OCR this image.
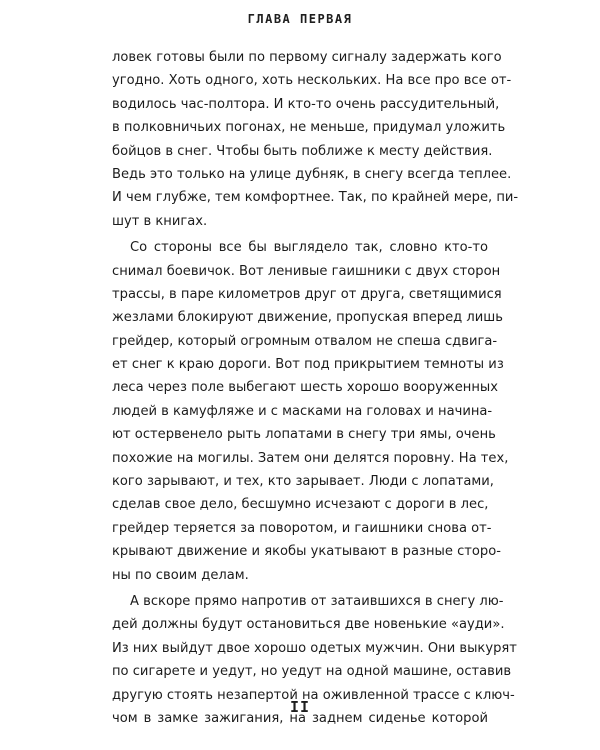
ГЛАВА ПЕРВАЯ
ловек готовы были по первому сигналу задержать кого
угодно. Хоть одного, хоть нескольких. На все про все от-
водилось час-полтора. И кто-то очень рассудительный,
в полковничьих погонах, не меньше, придумал уложить
бойцов в снег. Чтобы быть поближе к месту действия.
Ведь это только на улице дубняк, в снегу всегда теплее.
И чем глубже, тем комфортнее. Так, по крайней мере, пи-
шут в книгах.
Со стороны все бы выглядело так, словно кто-то
снимал боевичок. Вот ленивые гаишники с двух сторон
трассы, в паре километров друг от друга, светящимися
жезлами блокируют движение, пропуская вперед лишь
грейдер, который огромным отвалом не спеша сдвига-
ет снег к краю дороги. Вот под прикрытием темноты из
леса через поле выбегают шесть хорошо вооруженных
людей в камуфляже и с масками на головах и начина-
ют остервенело рыть лопатами в снегу три ямы, очень
похожие на могилы. Затем они делятся поровну. На тех,
кого зарывают, и тех, кто зарывает. Люди с лопатами,
сделав свое дело, бесшумно исчезают с дороги в лес,
грейдер теряется за поворотом, и гаишники снова от-
крывают движение и якобы укатывают в разные сторо-
ны по своим делам.
А вскоре прямо напротив от затаившихся в снегу лю-
дей должны будут остановиться две новенькие «ауди».
Из них выйдут двое хорошо одетых мужчин. Они выкурят
по сигарете и уедут, но уедут на одной машине, оставив
другую стоять незапертой на оживленной трассе с ключ-
чом в замке зажигания, на заднем сиденье которой
II
